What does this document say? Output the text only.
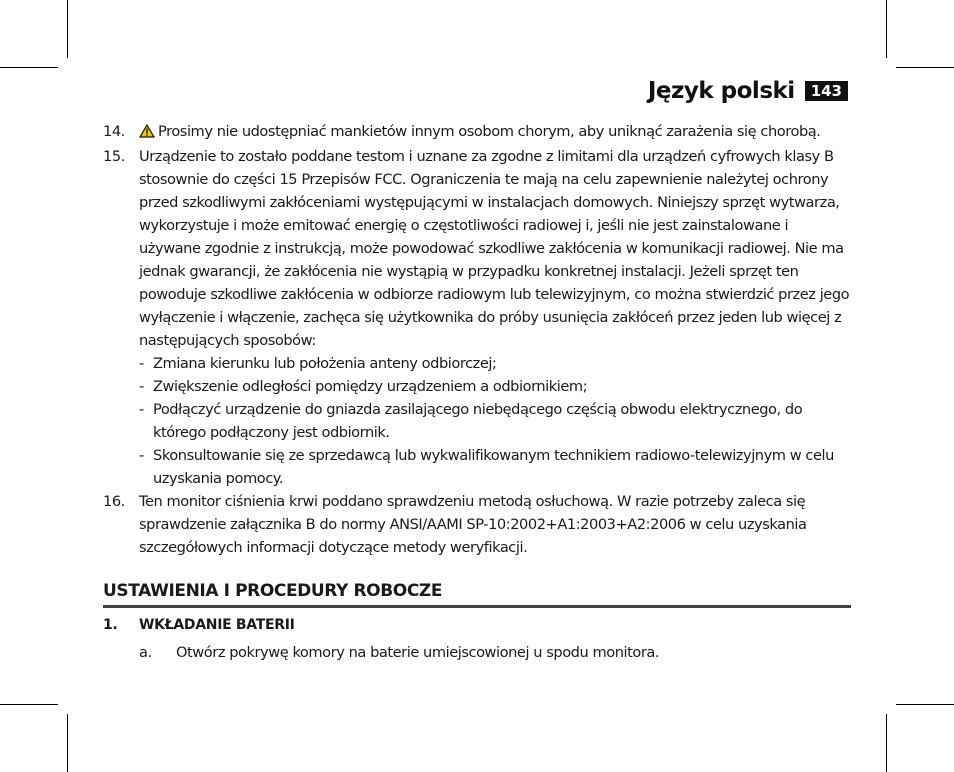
Język polski	143
14.	Prosimy nie udostępniać mankietów innym osobom chorym, aby uniknąć zarażenia się chorobą.
15. Urządzenie to zostało poddane testom i uznane za zgodne z limitami dla urządzeń cyfrowych klasy B stosownie do części 15 Przepisów FCC. Ograniczenia te mają na celu zapewnienie należytej ochrony przed szkodliwymi zakłóceniami występującymi w instalacjach domowych. Niniejszy sprzęt wytwarza, wykorzystuje i może emitować energię o częstotliwości radiowej i, jeśli nie jest zainstalowane i używane zgodnie z instrukcją, może powodować szkodliwe zakłócenia w komunikacji radiowej. Nie ma jednak gwarancji, że zakłócenia nie wystąpią w przypadku konkretnej instalacji. Jeżeli sprzęt ten powoduje szkodliwe zakłócenia w odbiorze radiowym lub telewizyjnym, co można stwierdzić przez jego wyłączenie i włączenie, zachęca się użytkownika do próby usunięcia zakłóceń przez jeden lub więcej z następujących sposobów:
- Zmiana kierunku lub położenia anteny odbiorczej;
- Zwiększenie odległości pomiędzy urządzeniem a odbiornikiem;
- Podłączyć urządzenie do gniazda zasilającego niebędącego częścią obwodu elektrycznego, do którego podłączony jest odbiornik.
- Skonsultowanie się ze sprzedawcą lub wykwalifikowanym technikiem radiowo-telewizyjnym w celu uzyskania pomocy.
16. Ten monitor ciśnienia krwi poddano sprawdzeniu metodą osłuchową. W razie potrzeby zaleca się sprawdzenie załącznika B do normy ANSI/AAMI SP-10:2002+A1:2003+A2:2006 w celu uzyskania szczegółowych informacji dotyczące metody weryfikacji.
USTAWIENIA I PROCEDURY ROBOCZE
1.	WKŁADANIE BATERII
a.	Otwórz pokrywę komory na baterie umiejscowionej u spodu monitora.
